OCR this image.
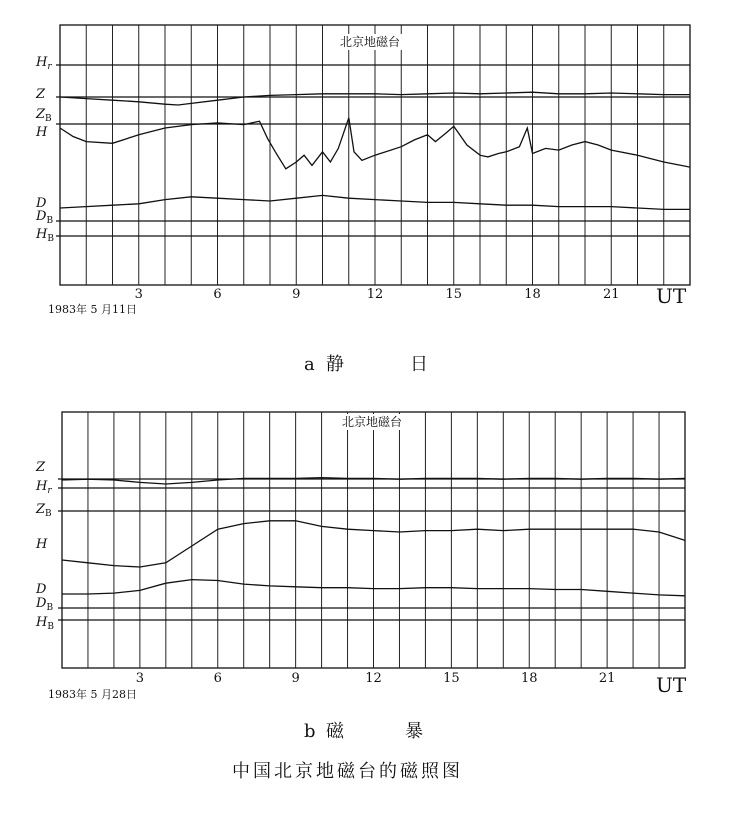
北京地磁台
$H_r$
Z
$Z_B$
H
D
$D_B$
$H_B$
3	6	9	12	15	18	21 UT
1983年 5 月11日
a 静	日
北京地磁台
Z
$H_r$
$Z_B$
H
D
$D_B$
$H_B$
3	6	9	12	15	18	21 UT
1983年 5 月28日
b 磁	暴
中国北京地磁台的磁照图
